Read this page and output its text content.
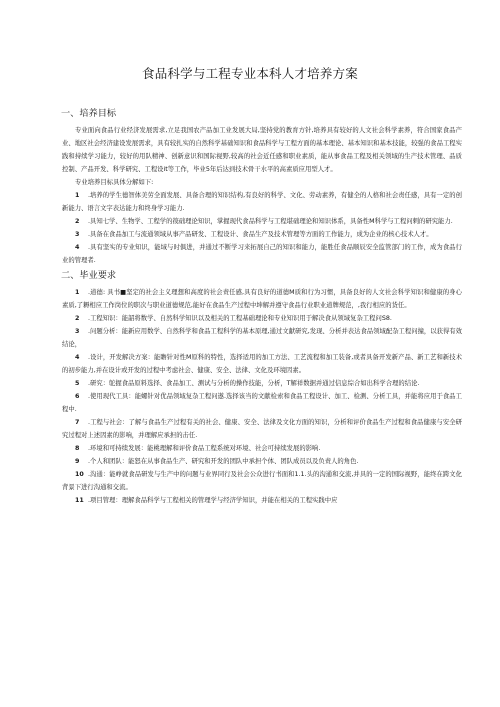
食品科学与工程专业本科人才培养方案
一、培养目标

专业面向食品行业经济发展需求,立足我国农产品加工业发展大局,坚持党的教育方针,培养具有较好的人文社会科学素养，符合国家食品产业、地区社会经济建设发展需求，具有较扎实的自然科学基础知识和食品科学与工程方面的基本理论、基本知识和基本技能，较强的食品工程实践和持续学习能力，较好的用队精神、创新意识和国际视野,较高的社会近任感和职业素质，能从事食品工程及相关领域的生产技术管理、品质控制、产品开发、科学研究、工程设it等工作，毕业5年后达到技术骨干水平的高素质应用型人才。

专业培养目标具体分解如下:

1 .培养的学生德智体美劳全面发展、具备合理的知识结构,有良好的科学、文化、劳动素养，有健全的人格和社会责任感，具有一定的创新能力、语言文字表达能力和终身学习能力.

2 .具知七学、生物学、工程学的篌础理论知识，掌握现代食品科学与工程堪础理论和知识体系，具备性M科学与工程问剌的研究能力.

3 .具备在食品加工与流通领域从事产品研发、工程设计、食品生产及技术管理等方面的工作能力，成为企业的核心技术人才。

4 .具有坚实的专业知识，能域与时俱进，并通过不断学习来拓展自己的知识和能力，能胜任食品顺辰安全监管部门的工作，成为食品行业的管理者.

二、毕业要求

1 .道德: 具书■坚定的社会主义理想和高度的社会责任感,具有良好的道德M质和行为习惯，具备良好的人文社会科学知识和健康的身心素质,了耨相应工作岗位的职次与职业道德规范,能好在食品生产过程中坤解并遵守食品行业职业道牌规范，,我行相应的货任。

2 .工程知识：能韶将数学、自然科学知识以及相关的工程基础理论和专业知识用于解决食从领域复杂工程问S8.

3 .问题分析：能新应用数学、自然科学和食品工程科学的基本原理,通过文献研究,发现、分析并表达食品领域配杂工程问撞，以获得有效结论，

4 .设计，开发解决方案：能瞻针对性M原科的特性，选择适用的加工方法、工艺流程和加工装备,或者具备开发新产品、新工艺和新技术的初步能力,并在设计或开发的过程中考虑社会、健康、安全、法律、文化及环境因素。

5 .研究：鸵握食品原料选择、食品加工、测试与分析的操作技能，分析，T解祥数据并通过信息综合如出科学合理的结论.

6 .使用现代工具：能螺针对优品领域复杂工程问遨.选择该当的文献检索和食品工程设计、加工、检测、分析工具，并能将应用于食品工程中.

7 .工程与社会：了解与食品生产过程有关的社会、健康、安全、法律及文化方面的知识，分析和评价食品生产过程和食品健康与安全研究过程对上述因素的影响，并理解应承担的击任.

8 .环境和可持续发展：能桃理解和评价食品工程系统对环境、社会可持续发展的影响.

9 .个人和团队：能怒在从事食品生产、研究和开发的团队中承担个体、团队成员以及负责人的角色.

10 .沟通：能峥就食品研发与生产中的问题与业界同行及社会公众进行书面和1.1.头的沟通和交流,并具的一定的国际视野，能终在跨文化背景下进行沟通和交流。

11 .项目管理：理解食品科学与工程相关的管理学与经济学知识，并能在相关的工程实践中应
